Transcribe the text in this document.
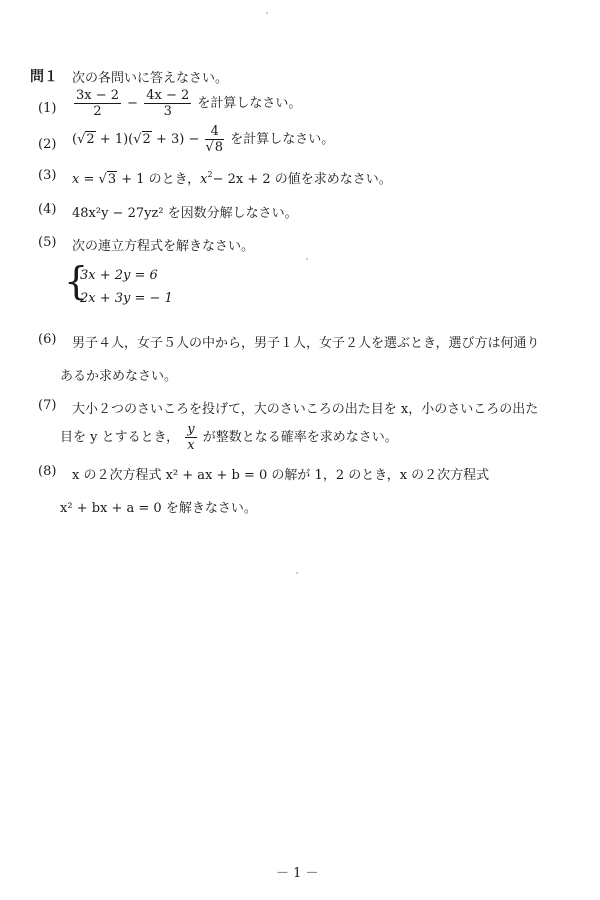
問１ 次の各問いに答えなさい。
$(1) \frac{3x - 2}{2} - \frac{4x - 2}{3}$ を計算しなさい。
(2) $(√2 + 1)(√2 + 3) - \frac{4}{√8}$ を計算しなさい。
(3) x = √3 + 1 のとき，$x^2- 2x + 2$ の値を求めなさい。
(4) 48x²y − 27yz² を因数分解しなさい。
(5) 次の連立方程式を解きなさい。
{
3x + 2y = 6
2x + 3y = − 1
(6) 男子４人，女子５人の中から，男子１人，女子２人を選ぶとき，選び方は何通り
あるか求めなさい。
(7) 大小２つのさいころを投げて，大のさいころの出た目を x，小のさいころの出た
目を y とするとき， $\frac{y}{x}$ が整数となる確率を求めなさい。
(8) x の２次方程式 x² + ax + b = 0 の解が 1，2 のとき，x の２次方程式
x² + bx + a = 0 を解きなさい。
－ 1 －
